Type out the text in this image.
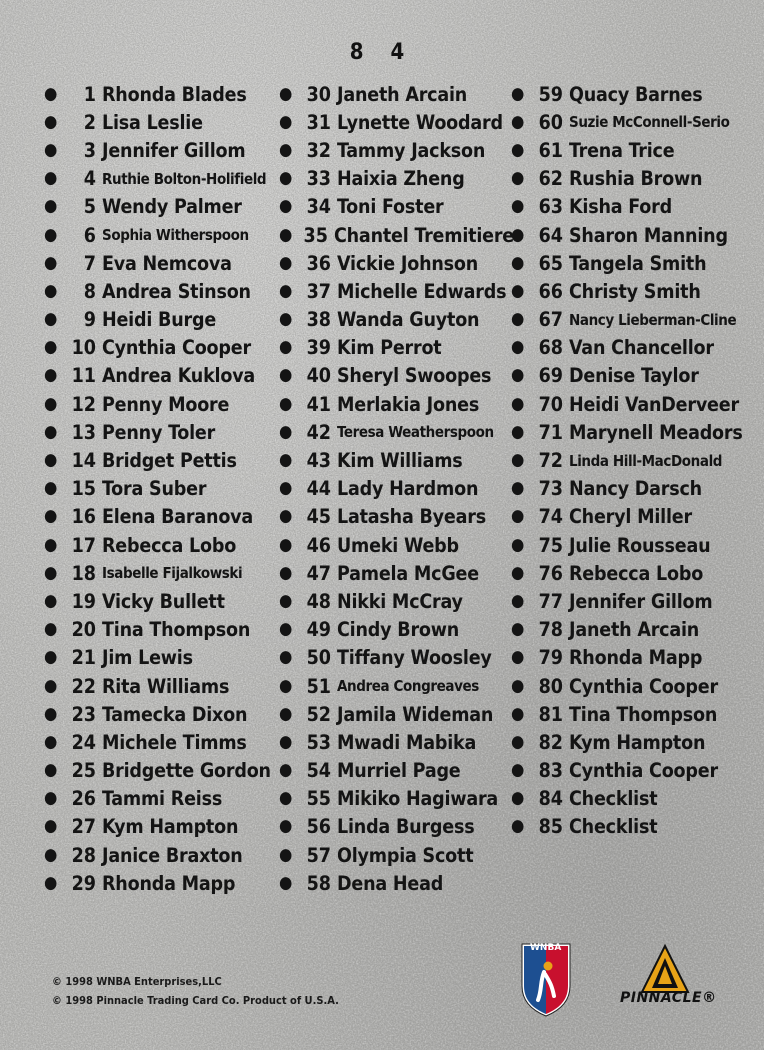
8 4
●	1 Rhonda Blades
●	2 Lisa Leslie
●	3 Jennifer Gillom
●	4 Ruthie Bolton-Holifield
●	5 Wendy Palmer
●	6 Sophia Witherspoon
●	7 Eva Nemcova
●	8 Andrea Stinson
●	9 Heidi Burge
● 10 Cynthia Cooper
● 11 Andrea Kuklova
● 12 Penny Moore
● 13 Penny Toler
● 14 Bridget Pettis
● 15 Tora Suber
● 16 Elena Baranova
● 17 Rebecca Lobo
● 18 Isabelle Fijalkowski
● 19 Vicky Bullett
● 20 Tina Thompson
● 21 Jim Lewis
● 22 Rita Williams
● 23 Tamecka Dixon
● 24 Michele Timms
● 25 Bridgette Gordon
● 26 Tammi Reiss
● 27 Kym Hampton
● 28 Janice Braxton
● 29 Rhonda Mapp
● 30 Janeth Arcain
● 31 Lynette Woodard
● 32 Tammy Jackson
● 33 Haixia Zheng
● 34 Toni Foster
● 35 Chantel Tremitiere
● 36 Vickie Johnson
● 37 Michelle Edwards
● 38 Wanda Guyton
● 39 Kim Perrot
● 40 Sheryl Swoopes
● 41 Merlakia Jones
● 42 Teresa Weatherspoon
● 43 Kim Williams
● 44 Lady Hardmon
● 45 Latasha Byears
● 46 Umeki Webb
● 47 Pamela McGee
● 48 Nikki McCray
● 49 Cindy Brown
● 50 Tiffany Woosley
● 51 Andrea Congreaves
● 52 Jamila Wideman
● 53 Mwadi Mabika
● 54 Murriel Page
● 55 Mikiko Hagiwara
● 56 Linda Burgess
● 57 Olympia Scott
● 58 Dena Head
● 59 Quacy Barnes
● 60 Suzie McConnell-Serio
● 61 Trena Trice
● 62 Rushia Brown
● 63 Kisha Ford
● 64 Sharon Manning
● 65 Tangela Smith
● 66 Christy Smith
● 67 Nancy Lieberman-Cline
● 68 Van Chancellor
● 69 Denise Taylor
● 70 Heidi VanDerveer
● 71 Marynell Meadors
● 72 Linda Hill-MacDonald
● 73 Nancy Darsch
● 74 Cheryl Miller
● 75 Julie Rousseau
● 76 Rebecca Lobo
● 77 Jennifer Gillom
● 78 Janeth Arcain
● 79 Rhonda Mapp
● 80 Cynthia Cooper
● 81 Tina Thompson
● 82 Kym Hampton
● 83 Cynthia Cooper
● 84 Checklist
● 85 Checklist
© 1998 WNBA Enterprises,LLC
© 1998 Pinnacle Trading Card Co. Product of U.S.A.
WNBA
PINNACLE®
